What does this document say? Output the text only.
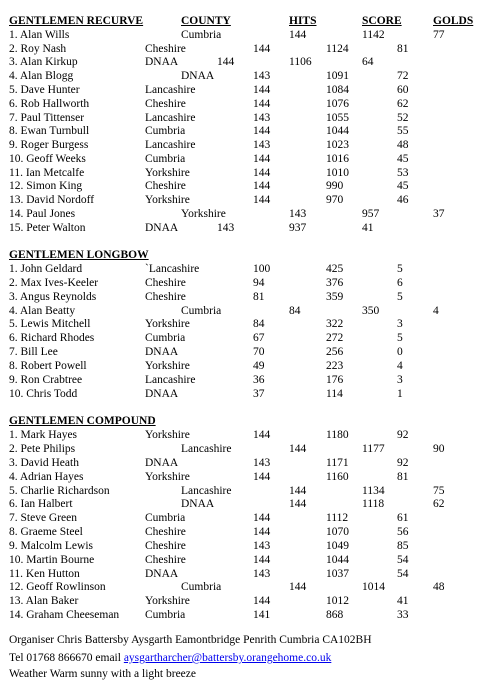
GENTLEMEN RECURVE	COUNTY	HITS	SCORE	GOLDS
1. Alan Wills	Cumbria	144	1142	77
2. Roy Nash	Cheshire	144	1124	81
3. Alan Kirkup	DNAA	144	1106	64
4. Alan Blogg	DNAA	143	1091	72
5. Dave Hunter	Lancashire	144	1084	60
6. Rob Hallworth	Cheshire	144	1076	62
7. Paul Tittenser	Lancashire	143	1055	52
8. Ewan Turnbull	Cumbria	144	1044	55
9. Roger Burgess	Lancashire	143	1023	48
10. Geoff Weeks	Cumbria	144	1016	45
11. Ian Metcalfe	Yorkshire	144	1010	53
12. Simon King	Cheshire	144	990	45
13. David Nordoff	Yorkshire	144	970	46
14. Paul Jones	Yorkshire	143	957	37
15. Peter Walton	DNAA	143	937	41
GENTLEMEN LONGBOW
1. John Geldard	`Lancashire	100	425	5
2. Max Ives-Keeler	Cheshire	94	376	6
3. Angus Reynolds	Cheshire	81	359	5
4. Alan Beatty	Cumbria	84	350	4
5. Lewis Mitchell	Yorkshire	84	322	3
6. Richard Rhodes	Cumbria	67	272	5
7. Bill Lee	DNAA	70	256	0
8. Robert Powell	Yorkshire	49	223	4
9. Ron Crabtree	Lancashire	36	176	3
10. Chris Todd	DNAA	37	114	1
GENTLEMEN COMPOUND
1. Mark Hayes	Yorkshire	144	1180	92
2. Pete Philips	Lancashire	144	1177	90
3. David Heath	DNAA	143	1171	92
4. Adrian Hayes	Yorkshire	144	1160	81
5. Charlie Richardson	Lancashire	144	1134	75
6. Ian Halbert	DNAA	144	1118	62
7. Steve Green	Cumbria	144	1112	61
8. Graeme Steel	Cheshire	144	1070	56
9. Malcolm Lewis	Cheshire	143	1049	85
10. Martin Bourne	Cheshire	144	1044	54
11. Ken Hutton	DNAA	143	1037	54
12. Geoff Rowlinson	Cumbria	144	1014	48
13. Alan Baker	Yorkshire	144	1012	41
14. Graham Cheeseman Cumbria	141	868	33
Organiser Chris Battersby Aysgarth Eamontbridge Penrith Cumbria CA102BH
Tel 01768 866670 email aysgartharcher@battersby.orangehome.co.uk
Weather Warm sunny with a light breeze
